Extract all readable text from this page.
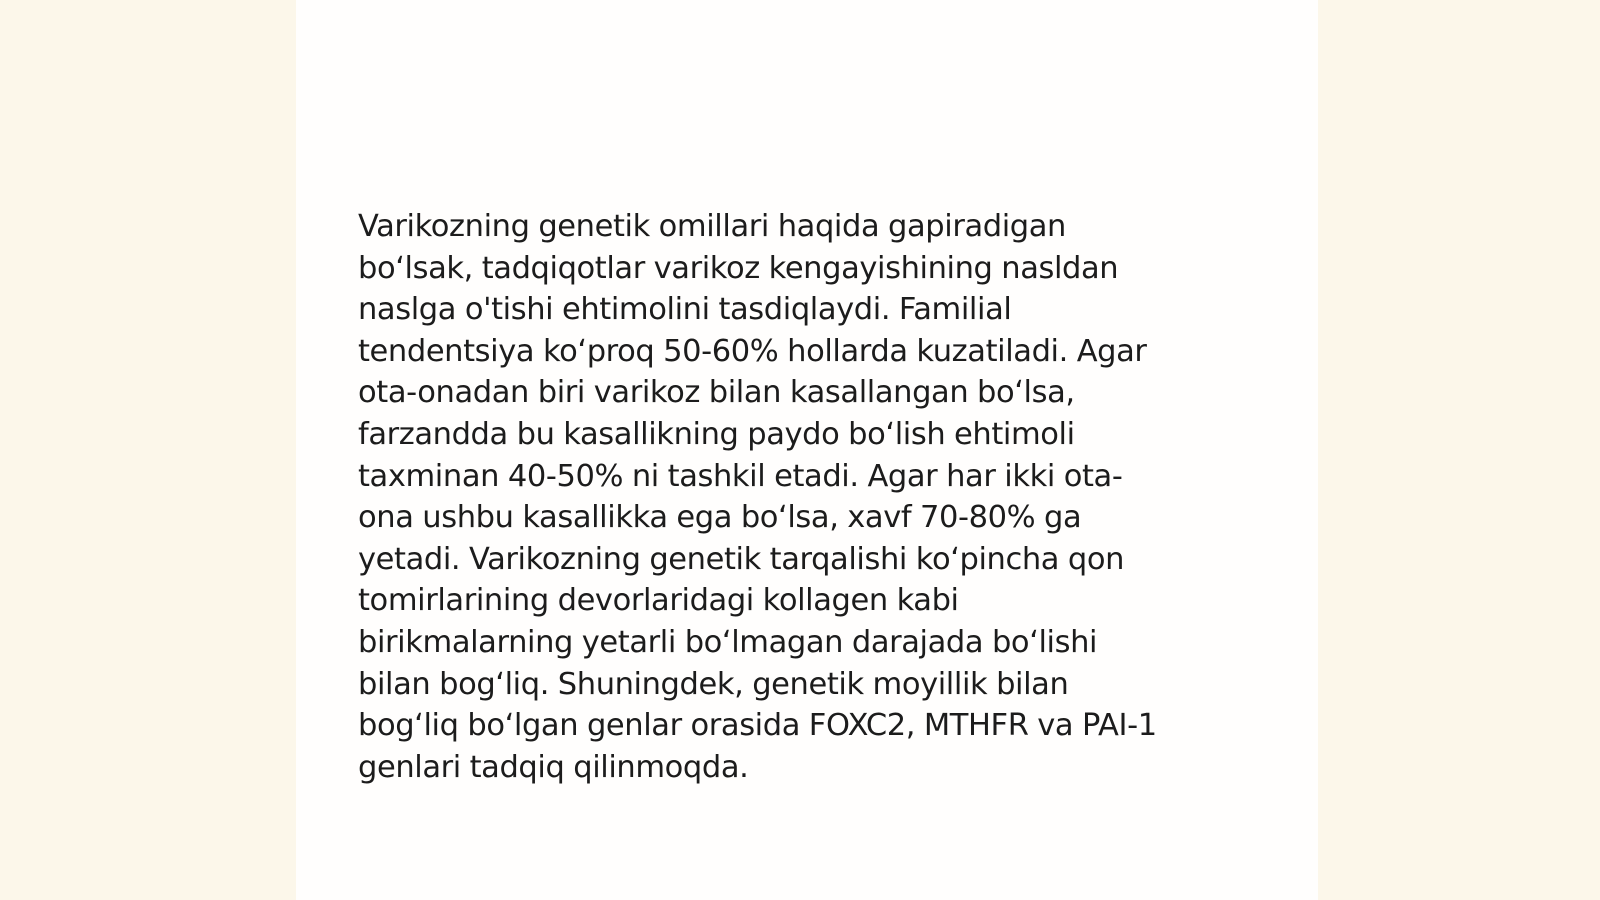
Varikozning genetik omillari haqida gapiradigan
bo‘lsak, tadqiqotlar varikoz kengayishining nasldan
naslga o'tishi ehtimolini tasdiqlaydi. Familial
tendentsiya ko‘proq 50-60% hollarda kuzatiladi. Agar
ota-onadan biri varikoz bilan kasallangan bo‘lsa,
farzandda bu kasallikning paydo bo‘lish ehtimoli
taxminan 40-50% ni tashkil etadi. Agar har ikki ota-
ona ushbu kasallikka ega bo‘lsa, xavf 70-80% ga
yetadi. Varikozning genetik tarqalishi ko‘pincha qon
tomirlarining devorlaridagi kollagen kabi
birikmalarning yetarli bo‘lmagan darajada bo‘lishi
bilan bog‘liq. Shuningdek, genetik moyillik bilan
bog‘liq bo‘lgan genlar orasida FOXC2, MTHFR va PAI-1
genlari tadqiq qilinmoqda.
